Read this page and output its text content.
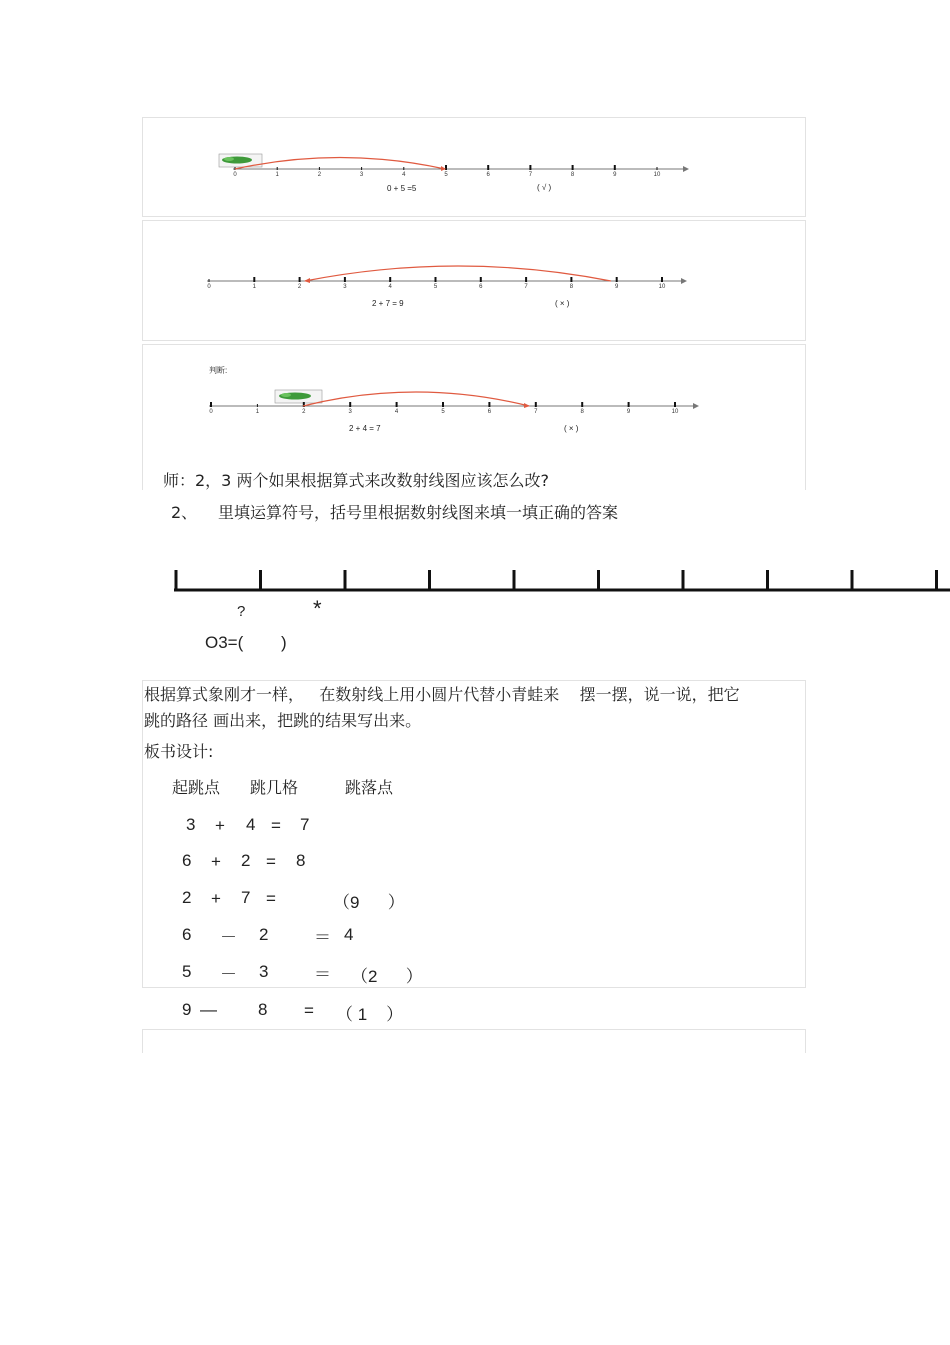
0	1	2	3	4	5	6	7	8	9	10
0 + 5 =5	( √ )
0	1	2	3	4	5	6	7	8	9	10
2 + 7 = 9	( × )
判断:
0	1	2	3	4	5	6	7	8	9	10
2 + 4 = 7	( × )
师：2，3 两个如果根据算式来改数射线图应该怎么改?
2、 里填运算符号，括号里根据数射线图来填一填正确的答案
?	*
O3=(        )
根据算式象刚才一样，   在数射线上用小圆片代替小青蛙来    摆一摆，说一说，把它
跳的路径 画出来，把跳的结果写出来。
板书设计:
起跳点 跳几格	跳落点
3 + 4 = 7
6 + 2 = 8
2 + 7 =	（9      ）
6 － 2	＝ 4
5 － 3	＝ （2      ）
9 — 8 = （ 1    ）
